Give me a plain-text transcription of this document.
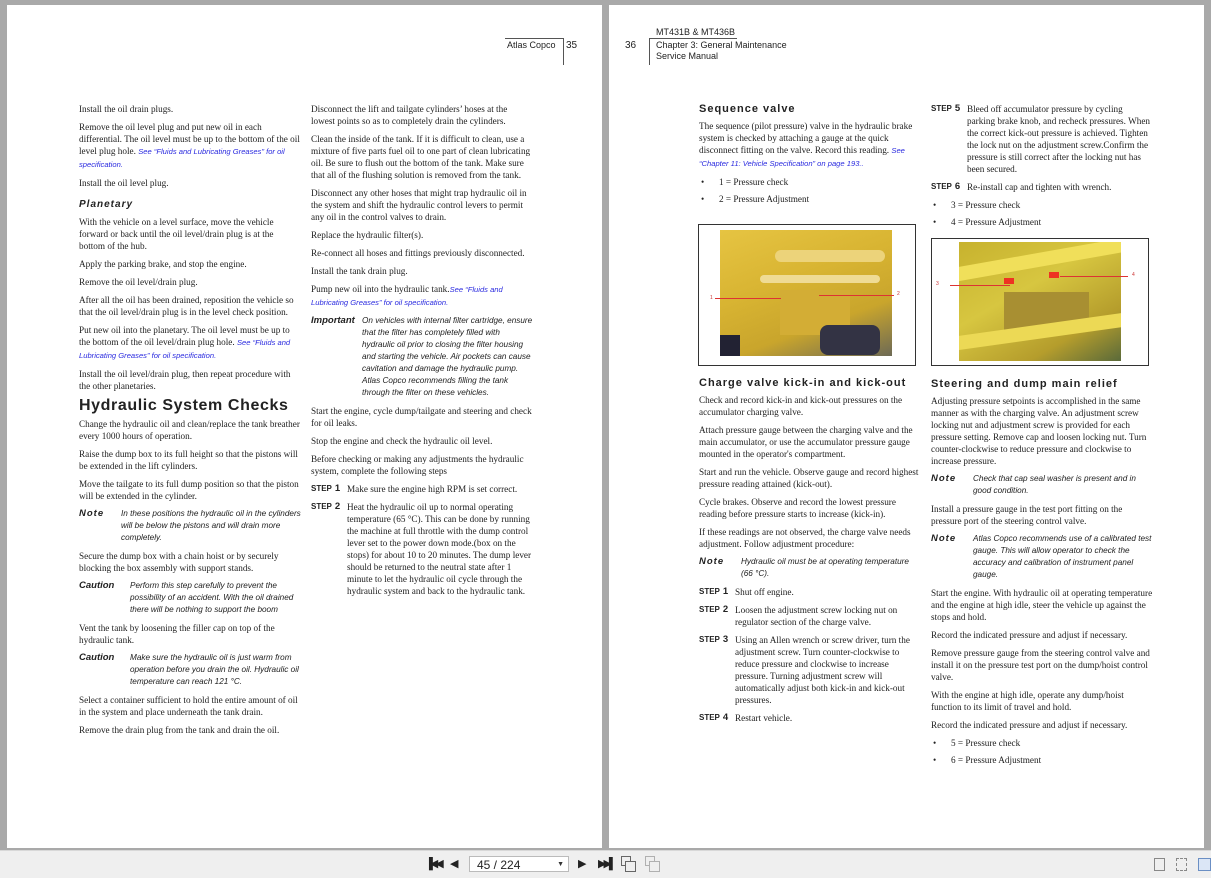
Atlas Copco 35

Install the oil drain plugs.

Remove the oil level plug and put new oil in each differential. The oil level must be up to the bottom of the oil level plug hole. See “Fluids and Lubricating Greases” for oil specification.

Install the oil level plug.

Planetary

With the vehicle on a level surface, move the vehicle forward or back until the oil level/drain plug is at the bottom of the hub.

Apply the parking brake, and stop the engine.

Remove the oil level/drain plug.

After all the oil has been drained, reposition the vehicle so that the oil level/drain plug is in the level check position.

Put new oil into the planetary. The oil level must be up to the bottom of the oil level/drain plug hole. See “Fluids and Lubricating Greases” for oil specification.

Install the oil level/drain plug, then repeat procedure with the other planetaries.

Hydraulic System Checks

Change the hydraulic oil and clean/replace the tank breather every 1000 hours of operation.

Raise the dump box to its full height so that the pistons will be extended in the lift cylinders.

Move the tailgate to its full dump position so that the piston will be extended in the cylinder.

Note	In these positions the hydraulic oil in the cylinders will be below the pistons and will drain more completely.

Secure the dump box with a chain hoist or by securely blocking the box assembly with support stands.

Caution	Perform this step carefully to prevent the possibility of an accident. With the oil drained there will be nothing to support the boom

Vent the tank by loosening the filler cap on top of the hydraulic tank.

Caution	Make sure the hydraulic oil is just warm from operation before you drain the oil. Hydraulic oil temperature can reach 121 °C.

Select a container sufficient to hold the entire amount of oil in the system and place underneath the tank drain.

Remove the drain plug from the tank and drain the oil.

Disconnect the lift and tailgate cylinders’ hoses at the lowest points so as to completely drain the cylinders.

Clean the inside of the tank. If it is difficult to clean, use a mixture of five parts fuel oil to one part of clean lubricating oil. Be sure to flush out the bottom of the tank. Make sure that all of the flushing solution is removed from the tank.

Disconnect any other hoses that might trap hydraulic oil in the system and shift the hydraulic control levers to permit any oil in the control valves to drain.

Replace the hydraulic filter(s).

Re-connect all hoses and fittings previously disconnected.

Install the tank drain plug.

Pump new oil into the hydraulic tank.See “Fluids and Lubricating Greases” for oil specification.

Important On vehicles with internal filter cartridge, ensure that the filter has completely filled with hydraulic oil prior to closing the filter housing and starting the vehicle. Air pockets can cause cavitation and damage the hydraulic pump. Atlas Copco recommends filling the tank through the filter on these vehicles.

Start the engine, cycle dump/tailgate and steering and check for oil leaks.

Stop the engine and check the hydraulic oil level.

Before checking or making any adjustments the hydraulic system, complete the following steps

STEP 1 Make sure the engine high RPM is set correct.
STEP 2 Heat the hydraulic oil up to normal operating temperature (65 °C). This can be done by running the machine at full throttle with the dump control lever set to the power down mode.(box on the stops) for about 10 to 20 minutes. The dump lever should be returned to the neutral state after 1 minute to let the hydraulic oil cycle through the hydraulic system and back to the hydraulic tank.
36
MT431B & MT436B
Chapter 3: General Maintenance
Service Manual
Sequence valve

The sequence (pilot pressure) valve in the hydraulic brake system is checked by attaching a gauge at the quick disconnect fitting on the valve. Record this reading. See “Chapter 11: Vehicle Specification” on page 193..

•	1 = Pressure check
•	2 = Pressure Adjustment
1
2
Charge valve kick-in and kick-out

Check and record kick-in and kick-out pressures on the accumulator charging valve.

Attach pressure gauge between the charging valve and the main accumulator, or use the accumulator pressure gauge mounted in the operator's compartment.

Start and run the vehicle. Observe gauge and record highest pressure reading attained (kick-out).

Cycle brakes. Observe and record the lowest pressure reading before pressure starts to increase (kick-in).

If these readings are not observed, the charge valve needs adjustment. Follow adjustment procedure:

Note	Hydraulic oil must be at operating temperature (66 °C).
STEP 1 Shut off engine.
STEP 2 Loosen the adjustment screw locking nut on regulator section of the charge valve.
STEP 3 Using an Allen wrench or screw driver, turn the adjustment screw. Turn counter-clockwise to reduce pressure and clockwise to increase pressure. Turning adjustment screw will automatically adjust both kick-in and kick-out pressures.
STEP 4 Restart vehicle.
STEP 5 Bleed off accumulator pressure by cycling parking brake knob, and recheck pressures. When the correct kick-out pressure is achieved. Tighten the lock nut on the adjustment screw.Confirm the pressure is still correct after the locking nut has been secured.
STEP 6 Re-install cap and tighten with wrench.
•	3 = Pressure check
•	4 = Pressure Adjustment
3
4
Steering and dump main relief

Adjusting pressure setpoints is accomplished in the same manner as with the charging valve. An adjustment screw locking nut and adjustment screw is provided for each pressure setting. Remove cap and loosen locking nut. Turn counter-clockwise to reduce pressure and clockwise to increase pressure.

Note	Check that cap seal washer is present and in good condition.

Install a pressure gauge in the test port fitting on the pressure port of the steering control valve.

Note	Atlas Copco recommends use of a calibrated test gauge. This will allow operator to check the accuracy and calibration of instrument panel gauge.

Start the engine. With hydraulic oil at operating temperature and the engine at high idle, steer the vehicle up against the stops and hold.

Record the indicated pressure and adjust if necessary.

Remove pressure gauge from the steering control valve and install it on the pressure test port on the dump/hoist control valve.

With the engine at high idle, operate any dump/hoist function to its limit of travel and hold.

Record the indicated pressure and adjust if necessary.

•	5 = Pressure check
•	6 = Pressure Adjustment
▐◀◀ ◀	45 / 224	▼ ▶ ▶▶▌
